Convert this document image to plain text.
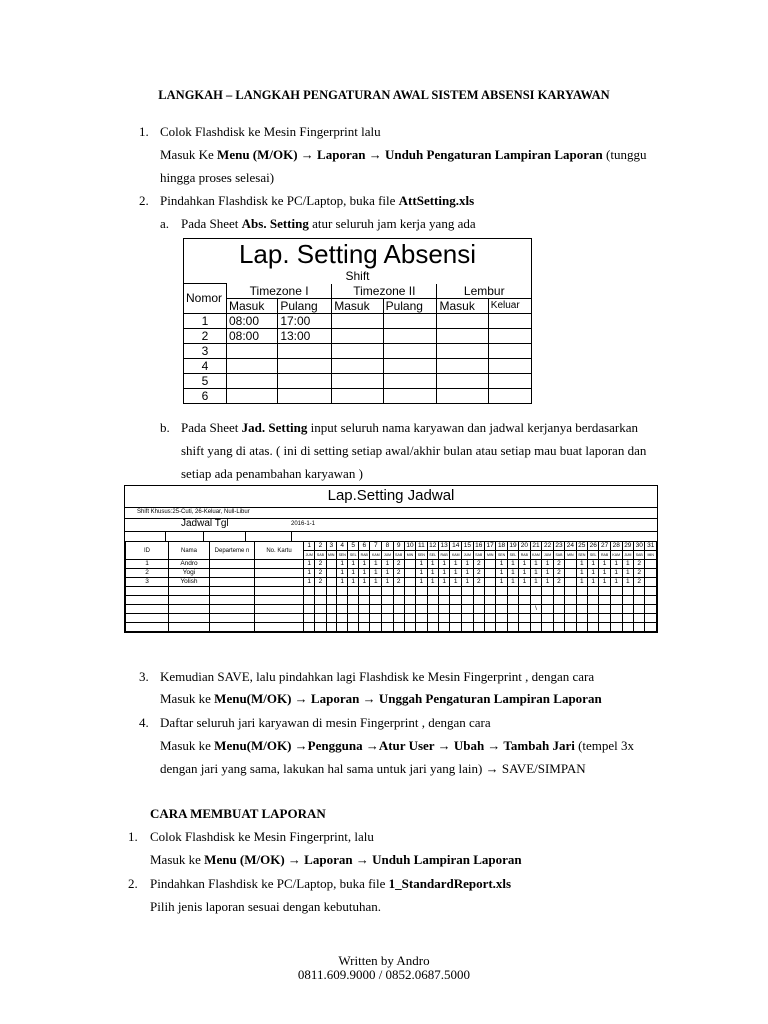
LANGKAH – LANGKAH PENGATURAN AWAL SISTEM ABSENSI KARYAWAN
1. Colok Flashdisk ke Mesin Fingerprint lalu
Masuk Ke Menu (M/OK) → Laporan → Unduh Pengaturan Lampiran Laporan (tunggu
hingga proses selesai)
2. Pindahkan Flashdisk ke PC/Laptop, buka file AttSetting.xls
a. Pada Sheet Abs. Setting atur seluruh jam kerja yang ada
Lap. Setting Absensi						
Shift						
Nomor	Timezone I		Timezone II		Lembur	
	Masuk	Pulang	Masuk	Pulang	Masuk	Keluar
1	08:00	17:00				
2	08:00	13:00				
3						
4						
5						
6						
b. Pada Sheet Jad. Setting input seluruh nama karyawan dan jadwal kerjanya berdasarkan
shift yang di atas. ( ini di setting setiap awal/akhir bulan atau setiap mau buat laporan dan
setiap ada penambahan karyawan )
Lap.Setting Jadwal
Shift Khusus:25-Cuti, 26-Keluar, Null-Libur
Jadwal Tgl	2016-1-1
ID	Nama	Departeme n	No. Kartu	1	2	3	4	5	6	7	8	9	10	11	12	13	14	15	16	17	18	19	20	21	22	23	24	25	26	27	28	29	30	31
				JUM	SAB	MIN	SEN	SEL	RAB	KAM	JUM	SAB	MIN	SEN	SEL	RAB	KAM	JUM	SAB	MIN	SEN	SEL	RAB	KAM	JUM	SAB	MIN	SEN	SEL	RAB	KAM	JUM	SAB	MIN
1	Andro			1	2		1	1	1	1	1	2		1	1	1	1	1	2		1	1	1	1	1	2		1	1	1	1	1	2	
2	Yogi			1	2		1	1	1	1	1	2		1	1	1	1	1	2		1	1	1	1	1	2		1	1	1	1	1	2	
3	Yolish			1	2		1	1	1	1	1	2		1	1	1	1	1	2		1	1	1	1	1	2		1	1	1	1	1	2	

																								\										

3. Kemudian SAVE, lalu pindahkan lagi Flashdisk ke Mesin Fingerprint , dengan cara
Masuk ke Menu(M/OK) → Laporan → Unggah Pengaturan Lampiran Laporan
4. Daftar seluruh jari karyawan di mesin Fingerprint , dengan cara
Masuk ke Menu(M/OK) →Pengguna →Atur User → Ubah → Tambah Jari (tempel 3x
dengan jari yang sama, lakukan hal sama untuk jari yang lain) → SAVE/SIMPAN
CARA MEMBUAT LAPORAN
1. Colok Flashdisk ke Mesin Fingerprint, lalu
Masuk ke Menu (M/OK) → Laporan → Unduh Lampiran Laporan
2. Pindahkan Flashdisk ke PC/Laptop, buka file 1_StandardReport.xls
Pilih jenis laporan sesuai dengan kebutuhan.
Written by Andro
0811.609.9000 / 0852.0687.5000
